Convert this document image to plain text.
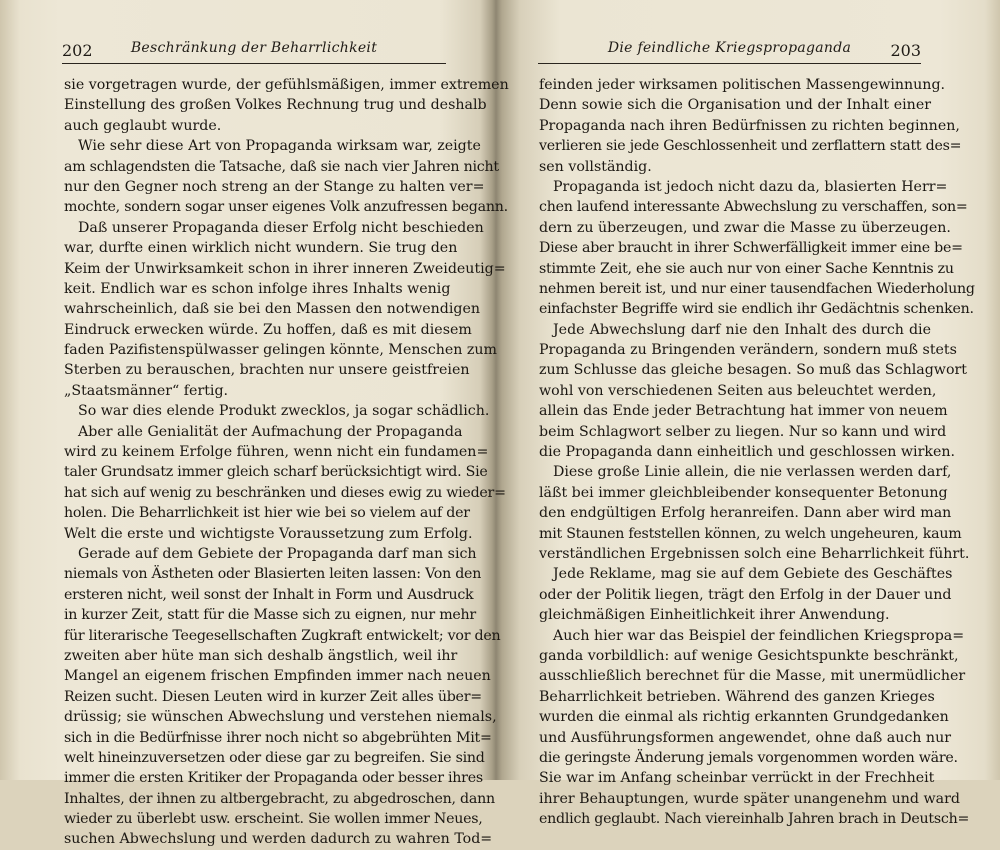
202	Beschränkung der Beharrlichkeit
sie vorgetragen wurde, der gefühlsmäßigen, immer extremen
Einstellung des großen Volkes Rechnung trug und deshalb
auch geglaubt wurde.
Wie sehr diese Art von Propaganda wirksam war, zeigte
am schlagendsten die Tatsache, daß sie nach vier Jahren nicht
nur den Gegner noch streng an der Stange zu halten ver=
mochte, sondern sogar unser eigenes Volk anzufressen begann.
Daß unserer Propaganda dieser Erfolg nicht beschieden
war, durfte einen wirklich nicht wundern. Sie trug den
Keim der Unwirksamkeit schon in ihrer inneren Zweideutig=
keit. Endlich war es schon infolge ihres Inhalts wenig
wahrscheinlich, daß sie bei den Massen den notwendigen
Eindruck erwecken würde. Zu hoffen, daß es mit diesem
faden Pazifistenspülwasser gelingen könnte, Menschen zum
Sterben zu berauschen, brachten nur unsere geistfreien
„Staatsmänner“ fertig.
So war dies elende Produkt zwecklos, ja sogar schädlich.
Aber alle Genialität der Aufmachung der Propaganda
wird zu keinem Erfolge führen, wenn nicht ein fundamen=
taler Grundsatz immer gleich scharf berücksichtigt wird. Sie
hat sich auf wenig zu beschränken und dieses ewig zu wieder=
holen. Die Beharrlichkeit ist hier wie bei so vielem auf der
Welt die erste und wichtigste Voraussetzung zum Erfolg.
Gerade auf dem Gebiete der Propaganda darf man sich
niemals von Ästheten oder Blasierten leiten lassen: Von den
ersteren nicht, weil sonst der Inhalt in Form und Ausdruck
in kurzer Zeit, statt für die Masse sich zu eignen, nur mehr
für literarische Teegesellschaften Zugkraft entwickelt; vor den
zweiten aber hüte man sich deshalb ängstlich, weil ihr
Mangel an eigenem frischen Empfinden immer nach neuen
Reizen sucht. Diesen Leuten wird in kurzer Zeit alles über=
drüssig; sie wünschen Abwechslung und verstehen niemals,
sich in die Bedürfnisse ihrer noch nicht so abgebrühten Mit=
welt hineinzuversetzen oder diese gar zu begreifen. Sie sind
immer die ersten Kritiker der Propaganda oder besser ihres
Inhaltes, der ihnen zu altbergebracht, zu abgedroschen, dann
wieder zu überlebt usw. erscheint. Sie wollen immer Neues,
suchen Abwechslung und werden dadurch zu wahren Tod=
Die feindliche Kriegspropaganda	203
feinden jeder wirksamen politischen Massengewinnung.
Denn sowie sich die Organisation und der Inhalt einer
Propaganda nach ihren Bedürfnissen zu richten beginnen,
verlieren sie jede Geschlossenheit und zerflattern statt des=
sen vollständig.
Propaganda ist jedoch nicht dazu da, blasierten Herr=
chen laufend interessante Abwechslung zu verschaffen, son=
dern zu überzeugen, und zwar die Masse zu überzeugen.
Diese aber braucht in ihrer Schwerfälligkeit immer eine be=
stimmte Zeit, ehe sie auch nur von einer Sache Kenntnis zu
nehmen bereit ist, und nur einer tausendfachen Wiederholung
einfachster Begriffe wird sie endlich ihr Gedächtnis schenken.
Jede Abwechslung darf nie den Inhalt des durch die
Propaganda zu Bringenden verändern, sondern muß stets
zum Schlusse das gleiche besagen. So muß das Schlagwort
wohl von verschiedenen Seiten aus beleuchtet werden,
allein das Ende jeder Betrachtung hat immer von neuem
beim Schlagwort selber zu liegen. Nur so kann und wird
die Propaganda dann einheitlich und geschlossen wirken.
Diese große Linie allein, die nie verlassen werden darf,
läßt bei immer gleichbleibender konsequenter Betonung
den endgültigen Erfolg heranreifen. Dann aber wird man
mit Staunen feststellen können, zu welch ungeheuren, kaum
verständlichen Ergebnissen solch eine Beharrlichkeit führt.
Jede Reklame, mag sie auf dem Gebiete des Geschäftes
oder der Politik liegen, trägt den Erfolg in der Dauer und
gleichmäßigen Einheitlichkeit ihrer Anwendung.
Auch hier war das Beispiel der feindlichen Kriegspropa=
ganda vorbildlich: auf wenige Gesichtspunkte beschränkt,
ausschließlich berechnet für die Masse, mit unermüdlicher
Beharrlichkeit betrieben. Während des ganzen Krieges
wurden die einmal als richtig erkannten Grundgedanken
und Ausführungsformen angewendet, ohne daß auch nur
die geringste Änderung jemals vorgenommen worden wäre.
Sie war im Anfang scheinbar verrückt in der Frechheit
ihrer Behauptungen, wurde später unangenehm und ward
endlich geglaubt. Nach viereinhalb Jahren brach in Deutsch=
